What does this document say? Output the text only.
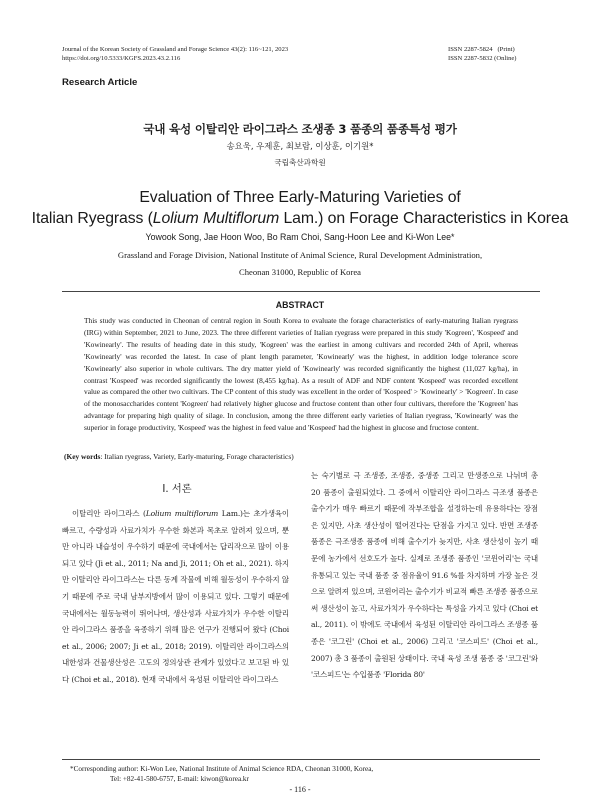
Journal of the Korean Society of Grassland and Forage Science 43(2): 116~121, 2023
https://doi.org/10.5333/KGFS.2023.43.2.116
ISSN 2287-5824   (Print)
ISSN 2287-5832 (Online)
Research Article
국내 육성 이탈리안 라이그라스 조생종 3 품종의 품종특성 평가
송요욱, 우제훈, 최보람, 이상훈, 이기원*
국립축산과학원
Evaluation of Three Early-Maturing Varieties of
Italian Ryegrass (Lolium Multiflorum Lam.) on Forage Characteristics in Korea
Yowook Song, Jae Hoon Woo, Bo Ram Choi, Sang-Hoon Lee and Ki-Won Lee*
Grassland and Forage Division, National Institute of Animal Science, Rural Development Administration,
Cheonan 31000, Republic of Korea
ABSTRACT
This study was conducted in Cheonan of central region in South Korea to evaluate the forage characteristics of early-maturing Italian ryegrass (IRG) within September, 2021 to June, 2023. The three different varieties of Italian ryegrass were prepared in this study 'Kogreen', 'Kospeed' and 'Kowinearly'. The results of heading date in this study, 'Kogreen' was the earliest in among cultivars and recorded 24th of April, whereas 'Kowinearly' was recorded the latest. In case of plant length parameter, 'Kowinearly' was the highest, in addition lodge tolerance score 'Kowinearly' also superior in whole cultivars. The dry matter yield of 'Kowinearly' was recorded significantly the highest (11,027 kg/ha), in contrast 'Kospeed' was recorded significantly the lowest (8,455 kg/ha). As a result of ADF and NDF content 'Kospeed' was recorded excellent value as compared the other two cultivars. The CP content of this study was excellent in the order of 'Kospeed' > 'Kowinearly' > 'Kogreen'. In case of the monosaccharides content 'Kogreen' had relatively higher glucose and fructose content than other four cultivars, therefore the 'Kogreen' has advantage for preparing high quality of silage. In conclusion, among the three different early varieties of Italian ryegrass, 'Kowinearly' was the superior in forage productivity, 'Kospeed' was the highest in feed value and 'Kospeed' had the highest in glucose and fructose content.
(Key words: Italian ryegrass, Variety, Early-maturing, Forage characteristics)
Ⅰ. 서론
이탈리안 라이그라스 (Lolium multiflorum Lam.)는 초가생육이 빠르고, 수량성과 사료가치가 우수한 화본과 목초로 알려져 있으며, 뿐만 아니라 내습성이 우수하기 때문에 국내에서는 답리작으로 많이 이용되고 있다 (Ji et al., 2011; Na and Ji, 2011; Oh et al., 2021). 하지만 이탈리안 라이그라스는 다른 동계 작물에 비해 월동성이 우수하지 않기 때문에 주로 국내 남부지방에서 많이 이용되고 있다. 그렇기 때문에 국내에서는 월동능력이 뛰어나며, 생산성과 사료가치가 우수한 이탈리안 라이그라스 품종을 육종하기 위해 많은 연구가 진행되어 왔다 (Choi et al., 2006; 2007; Ji et al., 2018; 2019). 이탈리안 라이그라스의 내한성과 건물생산성은 고도의 정의상관 관계가 있었다고 보고된 바 있다 (Choi et al., 2018). 현재 국내에서 육성된 이탈리안 라이그라스
는 숙기별로 극 조생종, 조생종, 중생종 그리고 만생종으로 나뉘며 총 20 품종이 출원되었다. 그 중에서 이탈리안 라이그라스 극조생 품종은 출수기가 매우 빠르기 때문에 작부조합을 설정하는데 유용하다는 장점은 있지만, 사초 생산성이 떨어진다는 단점을 가지고 있다. 반면 조생종 품종은 극조생종 품종에 비해 출수기가 늦지만, 사초 생산성이 높기 때문에 농가에서 선호도가 높다. 실제로 조생종 품종인 '코윈어리'는 국내 유통되고 있는 국내 품종 중 점유율이 91.6 %를 차지하며 가장 높은 것으로 알려져 있으며, 코윈어리는 출수기가 비교적 빠른 조생종 품종으로써 생산성이 높고, 사료가치가 우수하다는 특성을 가지고 있다 (Choi et al., 2011). 이 밖에도 국내에서 육성된 이탈리안 라이그라스 조생종 품종은 '코그린' (Choi et al., 2006) 그리고 '코스피드' (Choi et al., 2007) 총 3 품종이 출원된 상태이다. 국내 육성 조생 품종 중 '코그린'와 '코스피드'는 수입품종 'Florida 80'
*Corresponding author: Ki-Won Lee, National Institute of Animal Science RDA, Cheonan 31000, Korea,
Tel: +82-41-580-6757, E-mail: kiwon@korea.kr
- 116 -
